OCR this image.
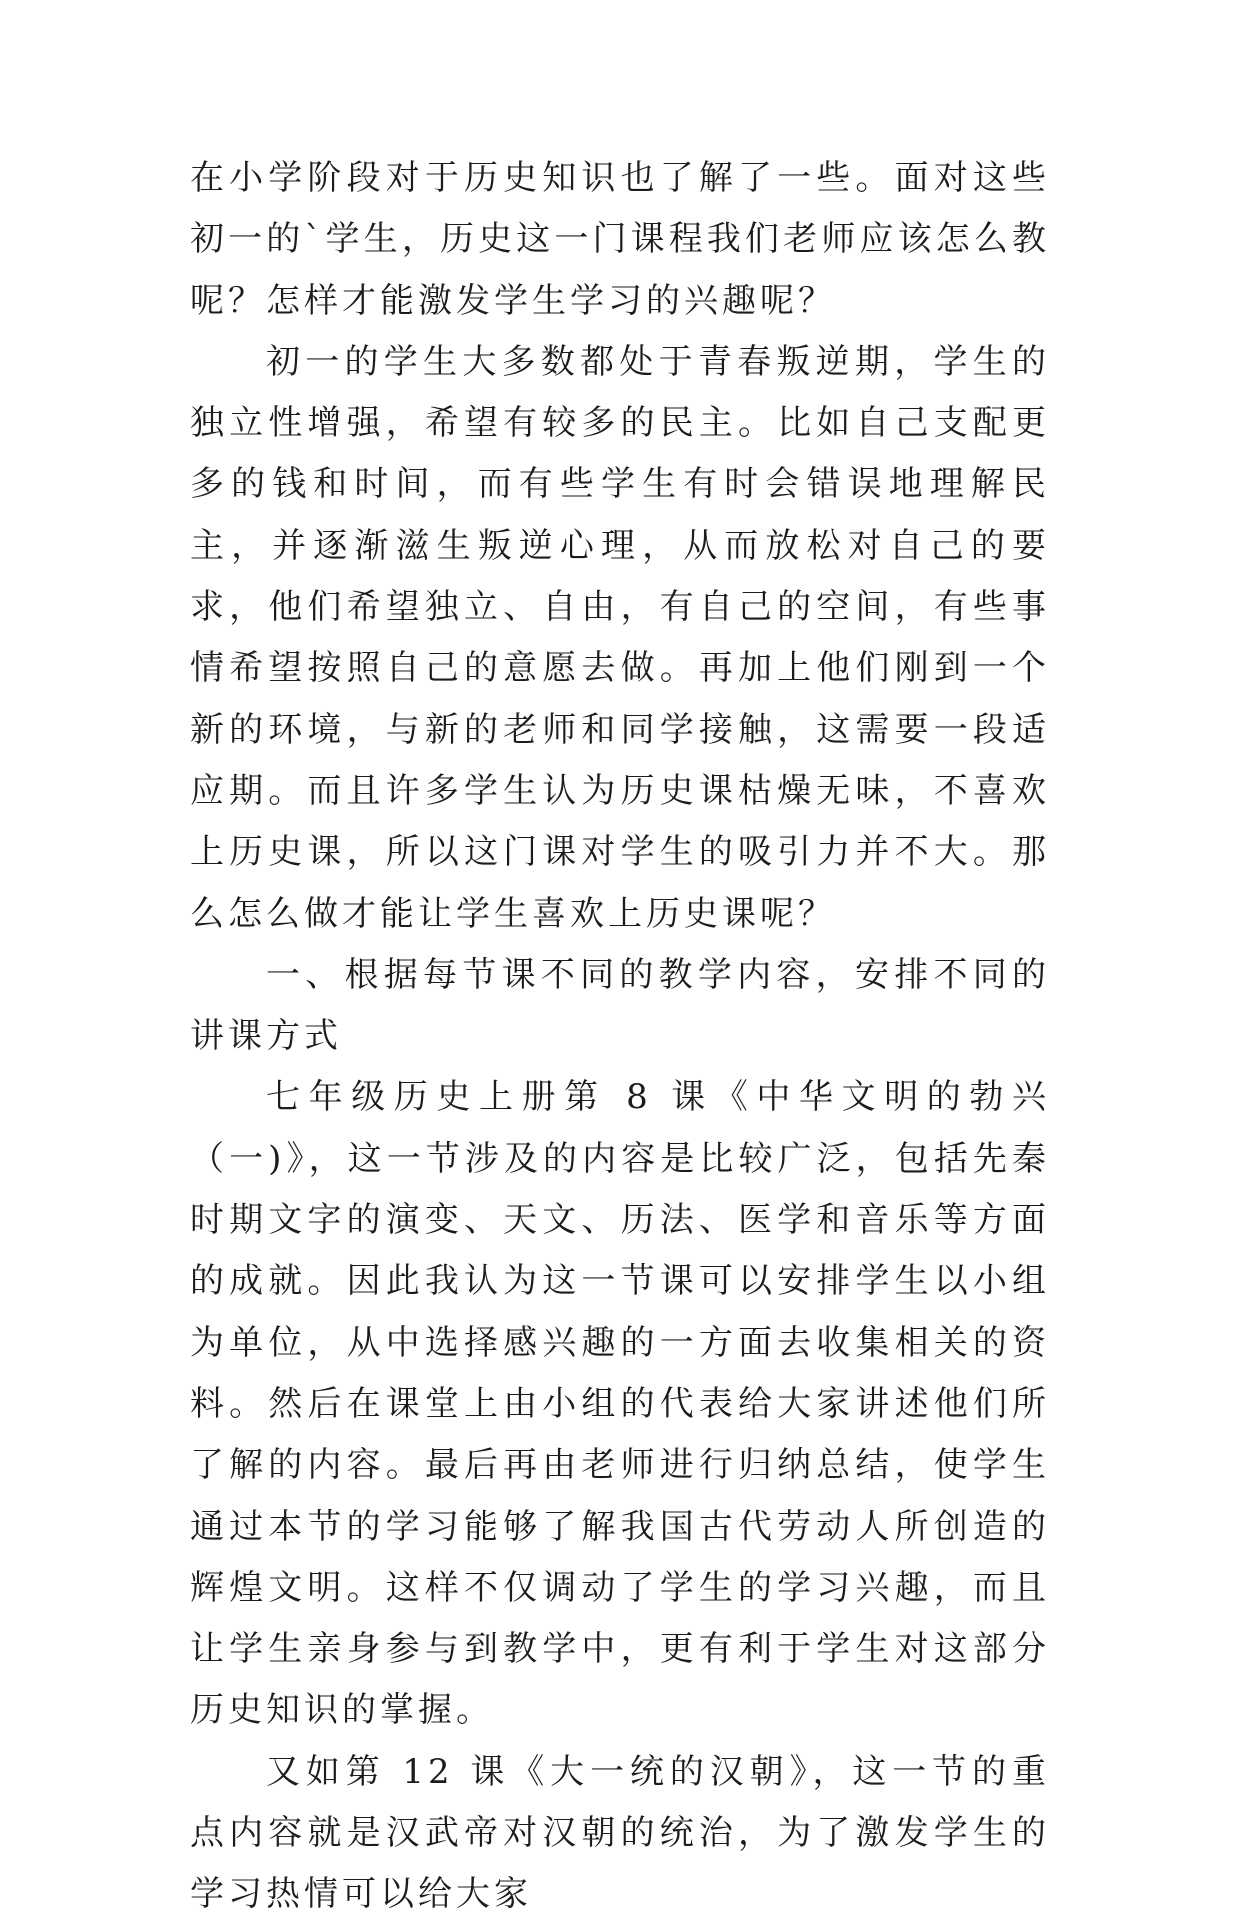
在小学阶段对于历史知识也了解了一些。面对这些初一的`学生，历史这一门课程我们老师应该怎么教呢？怎样才能激发学生学习的兴趣呢？

初一的学生大多数都处于青春叛逆期，学生的独立性增强，希望有较多的民主。比如自己支配更多的钱和时间，而有些学生有时会错误地理解民主，并逐渐滋生叛逆心理，从而放松对自己的要求，他们希望独立、自由，有自己的空间，有些事情希望按照自己的意愿去做。再加上他们刚到一个新的环境，与新的老师和同学接触，这需要一段适应期。而且许多学生认为历史课枯燥无味，不喜欢上历史课，所以这门课对学生的吸引力并不大。那么怎么做才能让学生喜欢上历史课呢？

一、根据每节课不同的教学内容，安排不同的讲课方式

七年级历史上册第 8 课《中华文明的勃兴（一)》，这一节涉及的内容是比较广泛，包括先秦时期文字的演变、天文、历法、医学和音乐等方面的成就。因此我认为这一节课可以安排学生以小组为单位，从中选择感兴趣的一方面去收集相关的资料。然后在课堂上由小组的代表给大家讲述他们所了解的内容。最后再由老师进行归纳总结，使学生通过本节的学习能够了解我国古代劳动人所创造的辉煌文明。这样不仅调动了学生的学习兴趣，而且让学生亲身参与到教学中，更有利于学生对这部分历史知识的掌握。

又如第 12 课《大一统的汉朝》，这一节的重点内容就是汉武帝对汉朝的统治，为了激发学生的学习热情可以给大家
